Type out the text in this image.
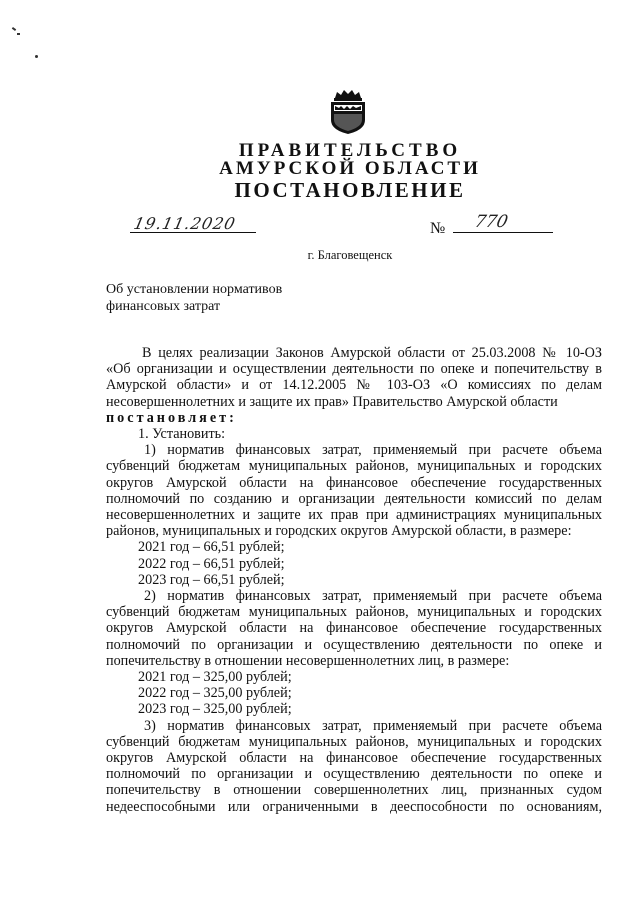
ПРАВИТЕЛЬСТВО
АМУРСКОЙ ОБЛАСТИ
ПОСТАНОВЛЕНИЕ
19.11.2020	№ 770
г. Благовещенск
Об установлении нормативов
финансовых затрат

В целях реализации Законов Амурской области от 25.03.2008 № 10-ОЗ

«Об организации и осуществлении деятельности по опеке и попечительству в

Амурской области» и от 14.12.2005 № 103-ОЗ «О комиссиях по делам

несовершеннолетних и защите их прав» Правительство Амурской области

постановляет:

1. Установить:

1) норматив финансовых затрат, применяемый при расчете объема

субвенций бюджетам муниципальных районов, муниципальных и городских

округов Амурской области на финансовое обеспечение государственных

полномочий по созданию и организации деятельности комиссий по делам

несовершеннолетних и защите их прав при администрациях муниципальных

районов, муниципальных и городских округов Амурской области, в размере:

2021 год – 66,51 рублей;

2022 год – 66,51 рублей;

2023 год – 66,51 рублей;

2) норматив финансовых затрат, применяемый при расчете объема

субвенций бюджетам муниципальных районов, муниципальных и городских

округов Амурской области на финансовое обеспечение государственных

полномочий по организации и осуществлению деятельности по опеке и

попечительству в отношении несовершеннолетних лиц, в размере:

2021 год – 325,00 рублей;

2022 год – 325,00 рублей;

2023 год – 325,00 рублей;

3) норматив финансовых затрат, применяемый при расчете объема

субвенций бюджетам муниципальных районов, муниципальных и городских

округов Амурской области на финансовое обеспечение государственных

полномочий по организации и осуществлению деятельности по опеке и

попечительству в отношении совершеннолетних лиц, признанных судом

недееспособными или ограниченными в дееспособности по основаниям,
